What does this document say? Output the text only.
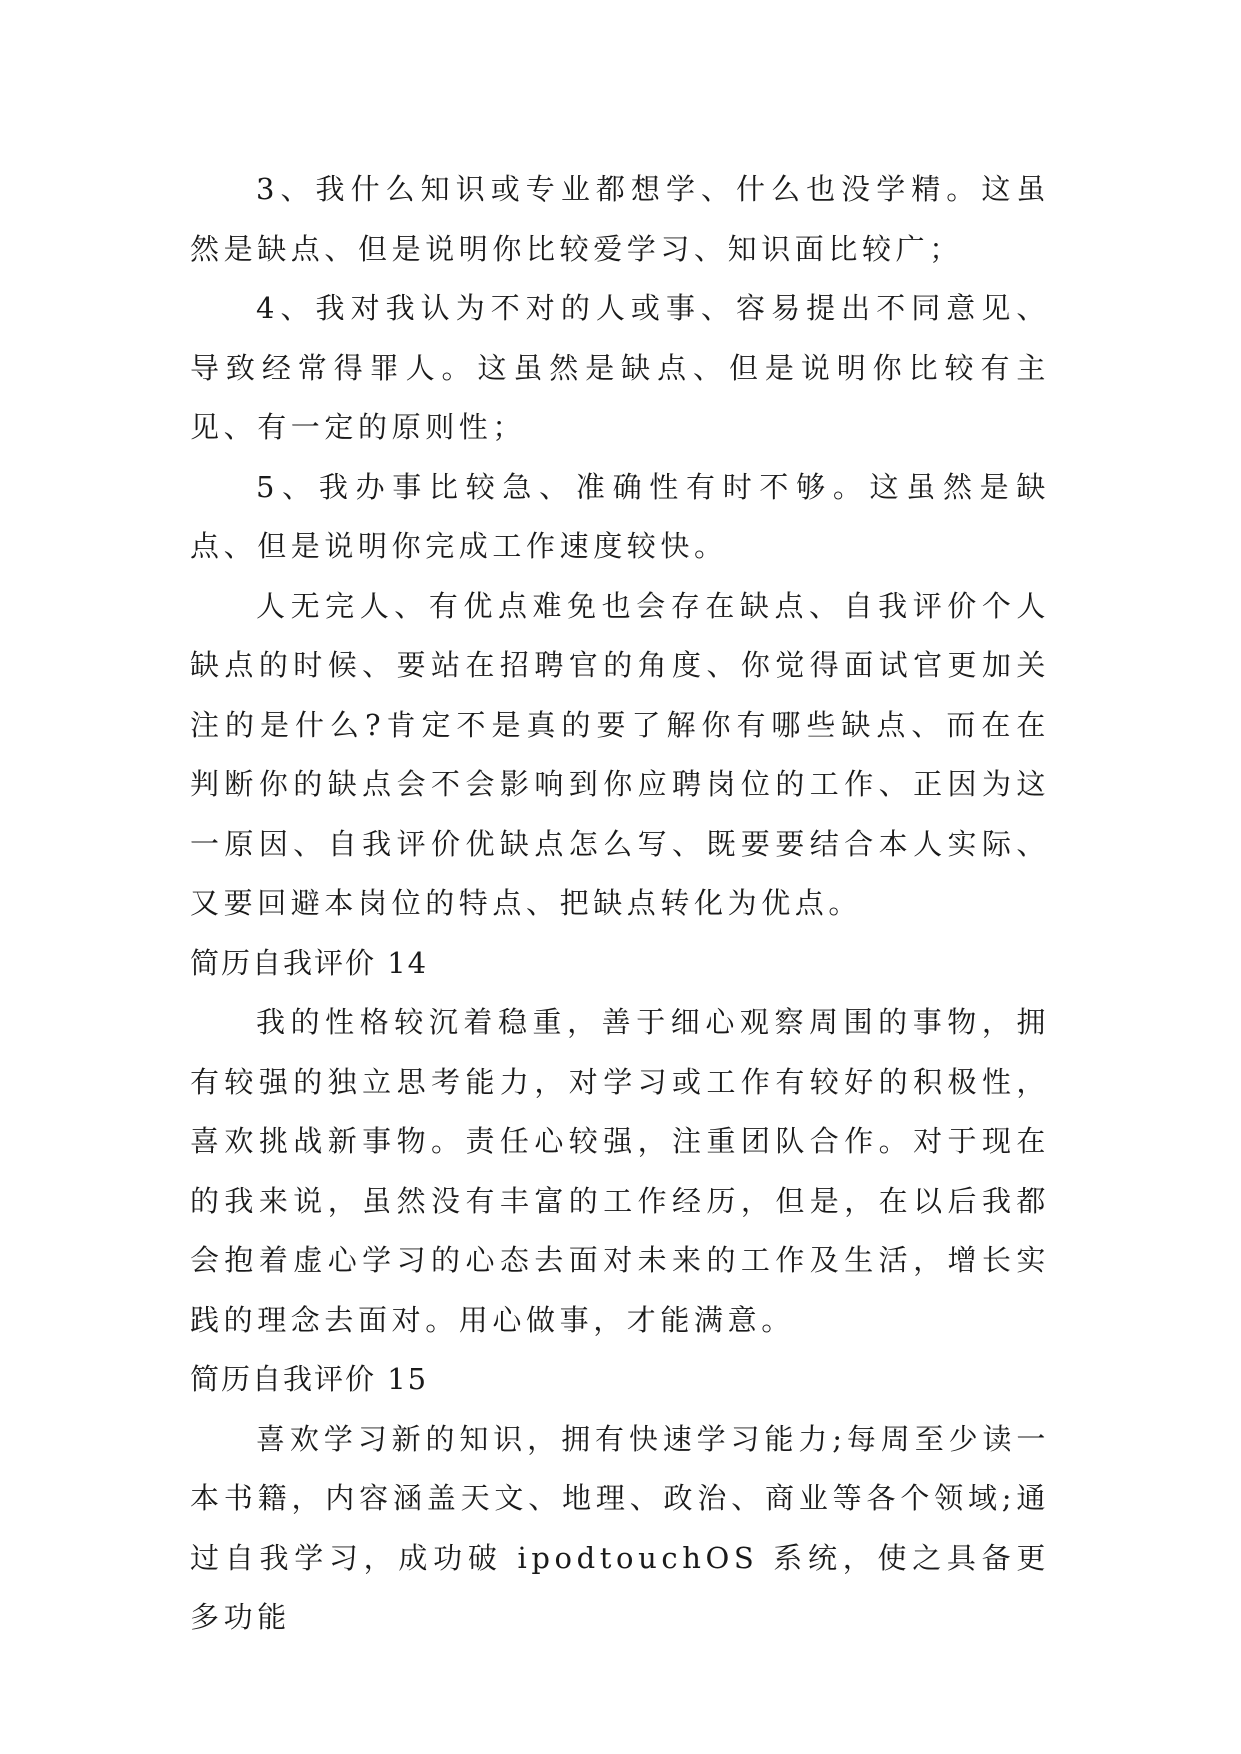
3、我什么知识或专业都想学、什么也没学精。这虽然是缺点、但是说明你比较爱学习、知识面比较广；

4、我对我认为不对的人或事、容易提出不同意见、导致经常得罪人。这虽然是缺点、但是说明你比较有主见、有一定的原则性；

5、我办事比较急、准确性有时不够。这虽然是缺点、但是说明你完成工作速度较快。

人无完人、有优点难免也会存在缺点、自我评价个人缺点的时候、要站在招聘官的角度、你觉得面试官更加关注的是什么?肯定不是真的要了解你有哪些缺点、而在在判断你的缺点会不会影响到你应聘岗位的工作、正因为这一原因、自我评价优缺点怎么写、既要要结合本人实际、又要回避本岗位的特点、把缺点转化为优点。

简历自我评价 14

我的性格较沉着稳重，善于细心观察周围的事物，拥有较强的独立思考能力，对学习或工作有较好的积极性，喜欢挑战新事物。责任心较强，注重团队合作。对于现在的我来说，虽然没有丰富的工作经历，但是，在以后我都会抱着虚心学习的心态去面对未来的工作及生活，增长实践的理念去面对。用心做事，才能满意。

简历自我评价 15

喜欢学习新的知识，拥有快速学习能力;每周至少读一本书籍，内容涵盖天文、地理、政治、商业等各个领域;通过自我学习，成功破 ipodtouchOS 系统，使之具备更多功能
